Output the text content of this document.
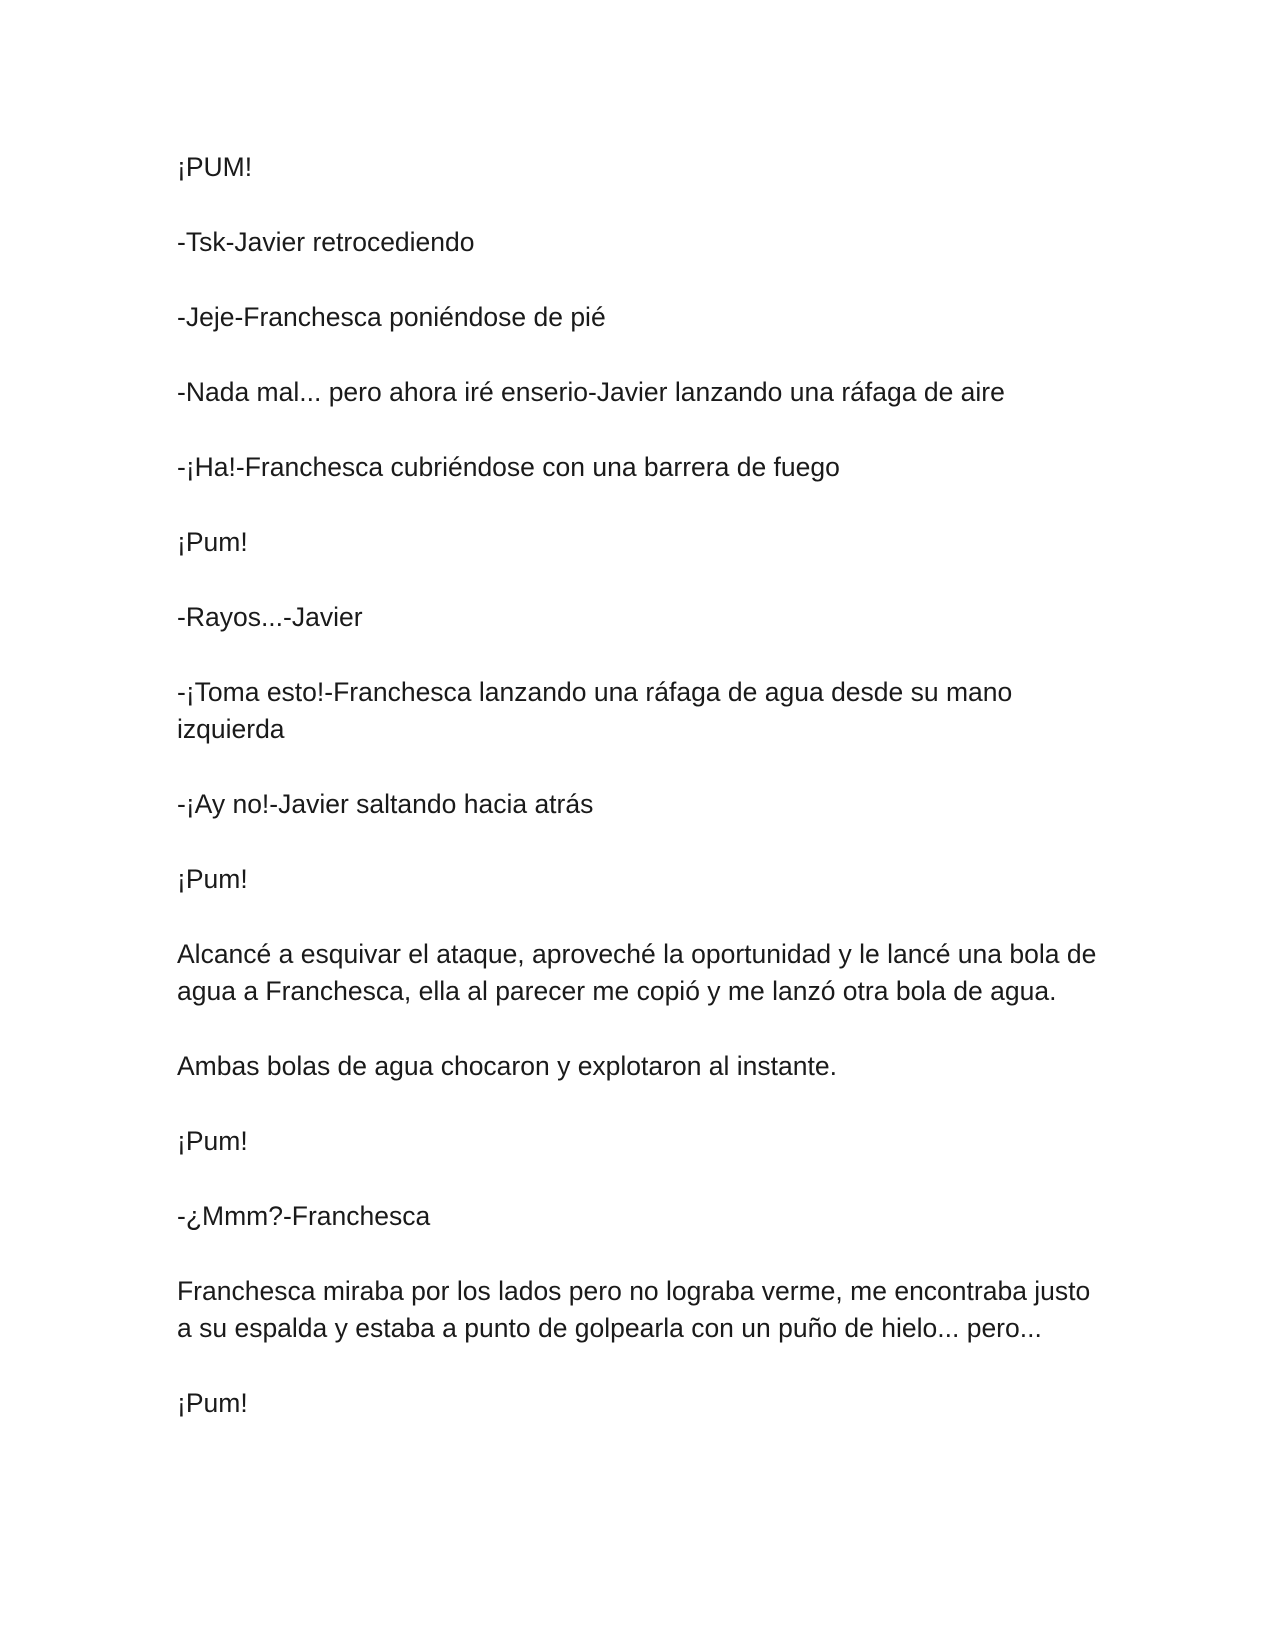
¡PUM!

-Tsk-Javier retrocediendo

-Jeje-Franchesca poniéndose de pié

-Nada mal... pero ahora iré enserio-Javier lanzando una ráfaga de aire

-¡Ha!-Franchesca cubriéndose con una barrera de fuego

¡Pum!

-Rayos...-Javier

-¡Toma esto!-Franchesca lanzando una ráfaga de agua desde su mano izquierda

-¡Ay no!-Javier saltando hacia atrás

¡Pum!

Alcancé a esquivar el ataque, aproveché la oportunidad y le lancé una bola de agua a Franchesca, ella al parecer me copió y me lanzó otra bola de agua.

Ambas bolas de agua chocaron y explotaron al instante.

¡Pum!

-¿Mmm?-Franchesca

Franchesca miraba por los lados pero no lograba verme, me encontraba justo a su espalda y estaba a punto de golpearla con un puño de hielo... pero...

¡Pum!
